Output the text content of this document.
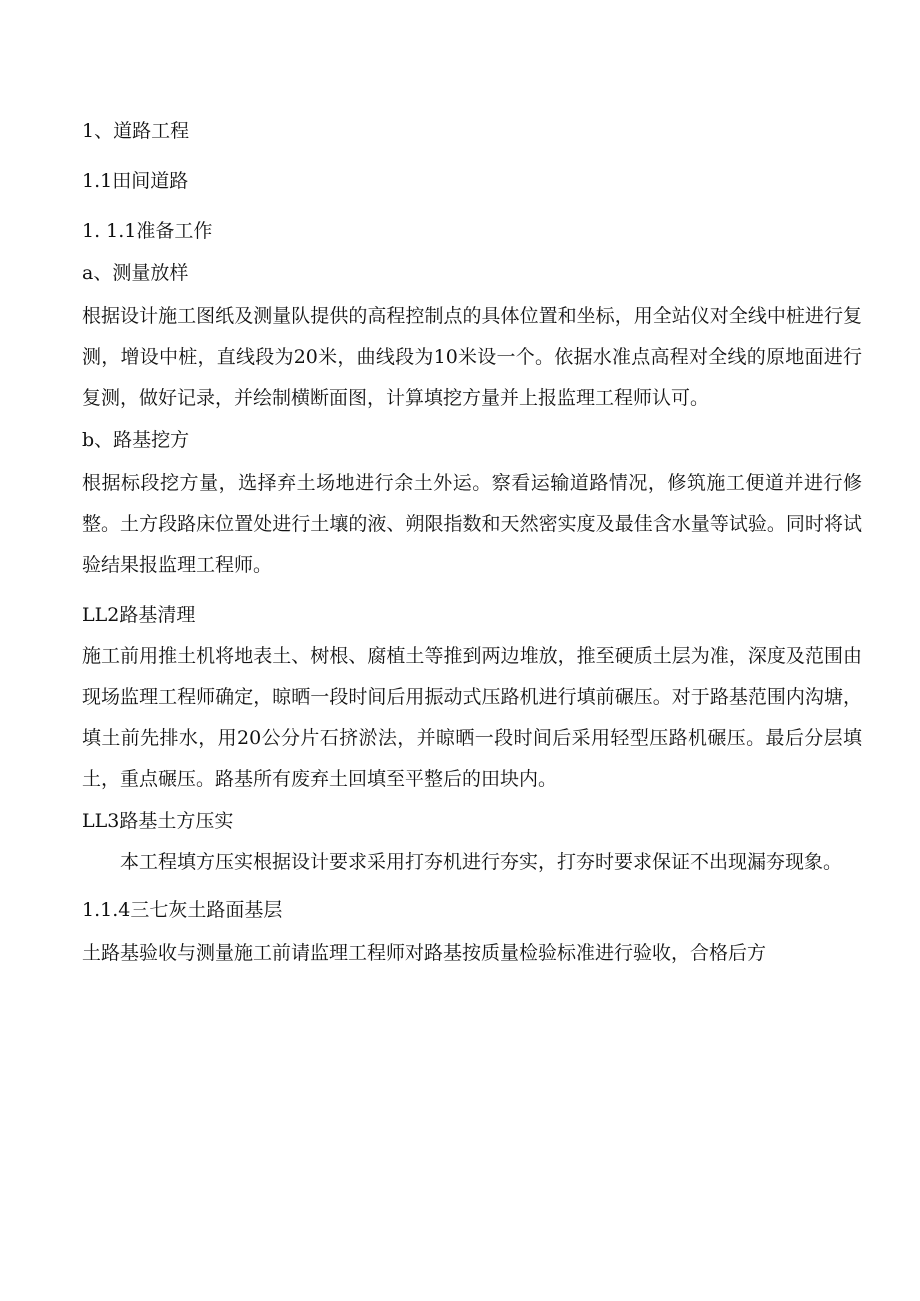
1、道路工程

1.1田间道路

1. 1.1准备工作

a、测量放样

根据设计施工图纸及测量队提供的高程控制点的具体位置和坐标，用全站仪对全线中桩进行复测，增设中桩，直线段为20米，曲线段为10米设一个。依据水准点高程对全线的原地面进行复测，做好记录，并绘制横断面图，计算填挖方量并上报监理工程师认可。

b、路基挖方

根据标段挖方量，选择弃土场地进行余土外运。察看运输道路情况，修筑施工便道并进行修整。土方段路床位置处进行土壤的液、朔限指数和天然密实度及最佳含水量等试验。同时将试验结果报监理工程师。

LL2路基清理

施工前用推土机将地表土、树根、腐植土等推到两边堆放，推至硬质土层为准，深度及范围由现场监理工程师确定，晾晒一段时间后用振动式压路机进行填前碾压。对于路基范围内沟塘，填土前先排水，用20公分片石挤淤法，并晾晒一段时间后采用轻型压路机碾压。最后分层填土，重点碾压。路基所有废弃土回填至平整后的田块内。

LL3路基土方压实

本工程填方压实根据设计要求采用打夯机进行夯实，打夯时要求保证不出现漏夯现象。

1.1.4三七灰土路面基层

土路基验收与测量施工前请监理工程师对路基按质量检验标准进行验收，合格后方
